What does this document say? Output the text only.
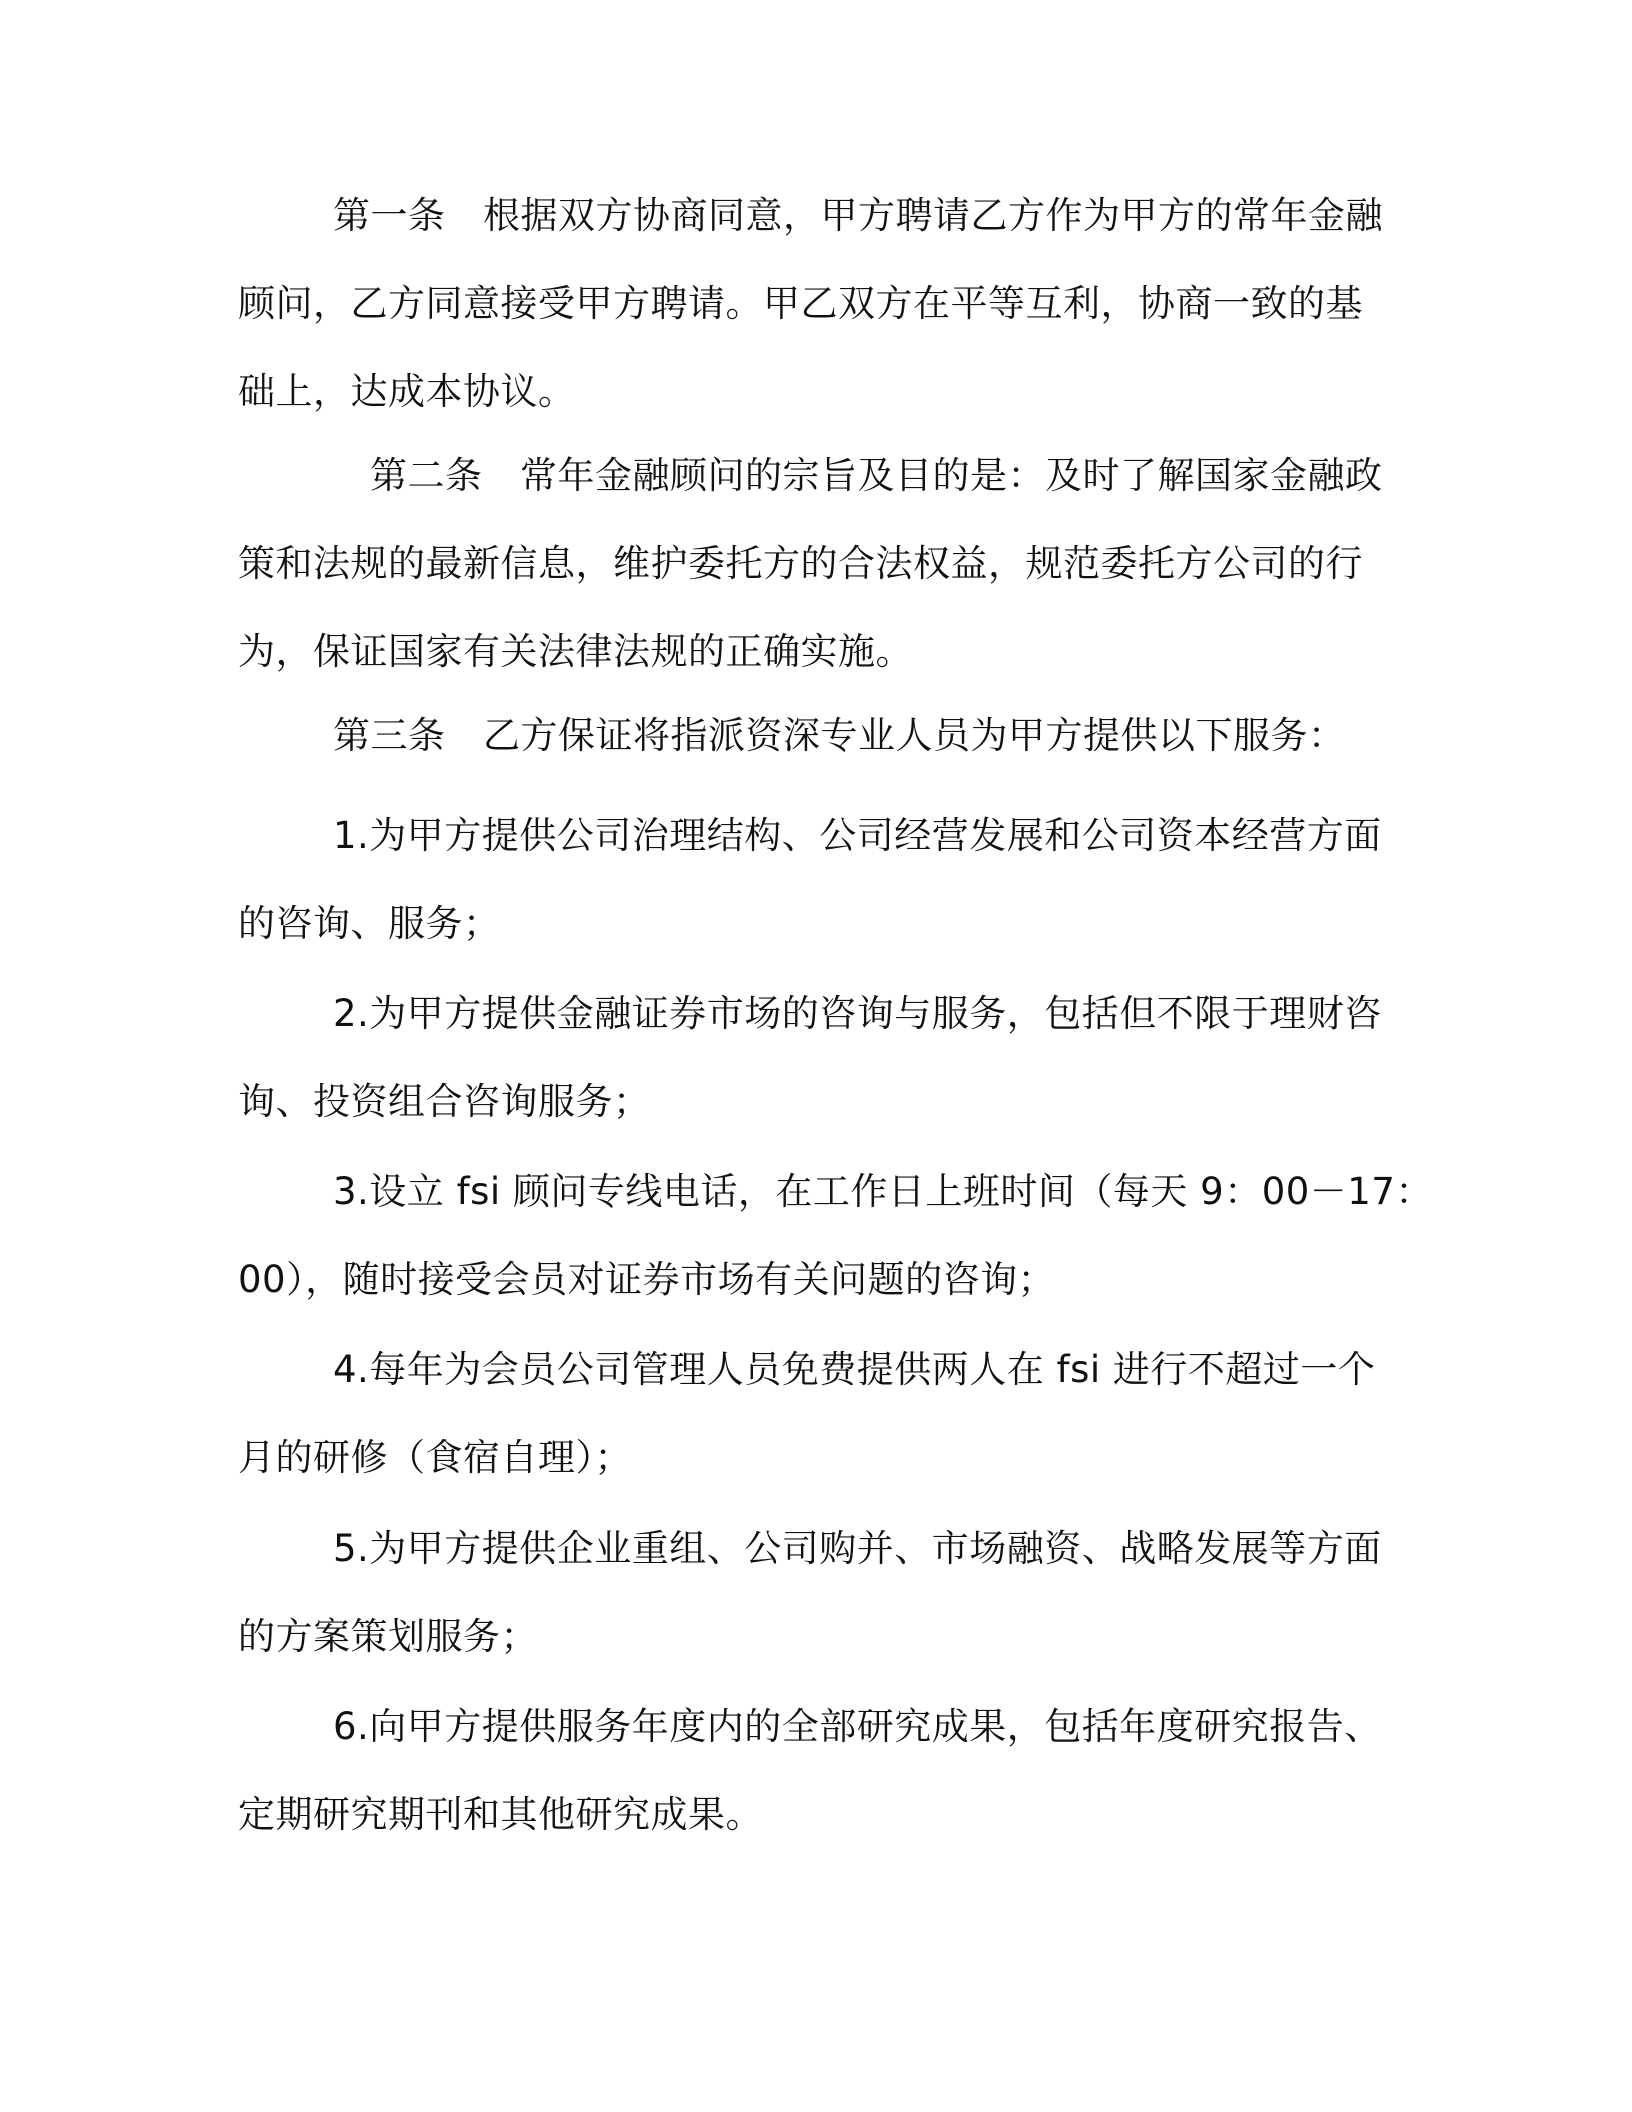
第一条　根据双方协商同意，甲方聘请乙方作为甲方的常年金融
顾问，乙方同意接受甲方聘请。甲乙双方在平等互利，协商一致的基
础上，达成本协议。
第二条　常年金融顾问的宗旨及目的是：及时了解国家金融政
策和法规的最新信息，维护委托方的合法权益，规范委托方公司的行
为，保证国家有关法律法规的正确实施。
第三条　乙方保证将指派资深专业人员为甲方提供以下服务：
1.为甲方提供公司治理结构、公司经营发展和公司资本经营方面
的咨询、服务；
2.为甲方提供金融证券市场的咨询与服务，包括但不限于理财咨
询、投资组合咨询服务；
3.设立 fsi 顾问专线电话，在工作日上班时间（每天 9：00－17：
00），随时接受会员对证券市场有关问题的咨询；
4.每年为会员公司管理人员免费提供两人在 fsi 进行不超过一个
月的研修（食宿自理）；
5.为甲方提供企业重组、公司购并、市场融资、战略发展等方面
的方案策划服务；
6.向甲方提供服务年度内的全部研究成果，包括年度研究报告、
定期研究期刊和其他研究成果。
